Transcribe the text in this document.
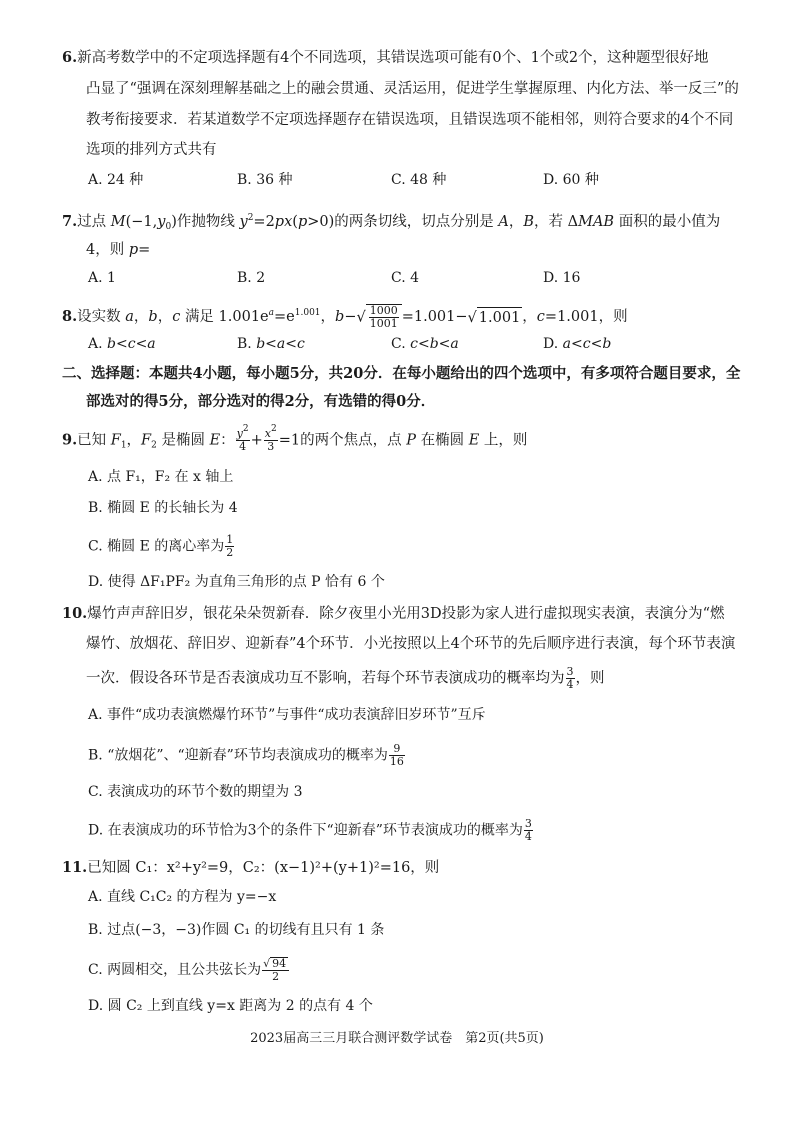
6.新高考数学中的不定项选择题有4个不同选项，其错误选项可能有0个、1个或2个，这种题型很好地
凸显了“强调在深刻理解基础之上的融会贯通、灵活运用，促进学生掌握原理、内化方法、举一反三”的
教考衔接要求．若某道数学不定项选择题存在错误选项，且错误选项不能相邻，则符合要求的4个不同
选项的排列方式共有
A. 24 种	B. 36 种	C. 48 种	D. 60 种
7.过点 $M(-1,y_0)$作抛物线 $y^2=2px(p>0)$的两条切线，切点分别是 A，B，若 ΔMAB 面积的最小值为
4，则 p=
A. 1	B. 2	C. 4	D. 16
8.设实数 a，b，c 满足 $1.001e^a=e^{1.001}$，$b-√ \frac{1000}{1001} =1.001-√$ 1.001 ，c=1.001，则
A. b<c<a	B. b<a<c	C. c<b<a	D. a<c<b
二、选择题：本题共4小题，每小题5分，共20分．在每小题给出的四个选项中，有多项符合题目要求，全
部选对的得5分，部分选对的得2分，有选错的得0分．
9.已知 $F_1$，$F_2$ 是椭圆 E： $\frac{y^2}{4} + \frac{x^2}{3} =1$的两个焦点，点 P 在椭圆 E 上，则
A. 点 F₁，F₂ 在 x 轴上
B. 椭圆 E 的长轴长为 4
C. 椭圆 E 的离心率为 $\frac{1}{2}$
D. 使得 ΔF₁PF₂ 为直角三角形的点 P 恰有 6 个
10.爆竹声声辞旧岁，银花朵朵贺新春．除夕夜里小光用3D投影为家人进行虚拟现实表演，表演分为“燃
爆竹、放烟花、辞旧岁、迎新春”4个环节．小光按照以上4个环节的先后顺序进行表演，每个环节表演
一次．假设各环节是否表演成功互不影响，若每个环节表演成功的概率均为 $\frac{3}{4}$ ，则
A. 事件“成功表演燃爆竹环节”与事件“成功表演辞旧岁环节”互斥
B. “放烟花”、“迎新春”环节均表演成功的概率为 $\frac{9}{16}$
C. 表演成功的环节个数的期望为 3
D. 在表演成功的环节恰为3个的条件下“迎新春”环节表演成功的概率为 $\frac{3}{4}$
11.已知圆 C₁：x²+y²=9，C₂：(x−1)²+(y+1)²=16，则
A. 直线 C₁C₂ 的方程为 y=−x
B. 过点(−3，−3)作圆 C₁ 的切线有且只有 1 条
C. 两圆相交，且公共弦长为 $\frac{√ 94}{2}$
D. 圆 C₂ 上到直线 y=x 距离为 2 的点有 4 个
2023届高三三月联合测评数学试卷　第2页(共5页)
